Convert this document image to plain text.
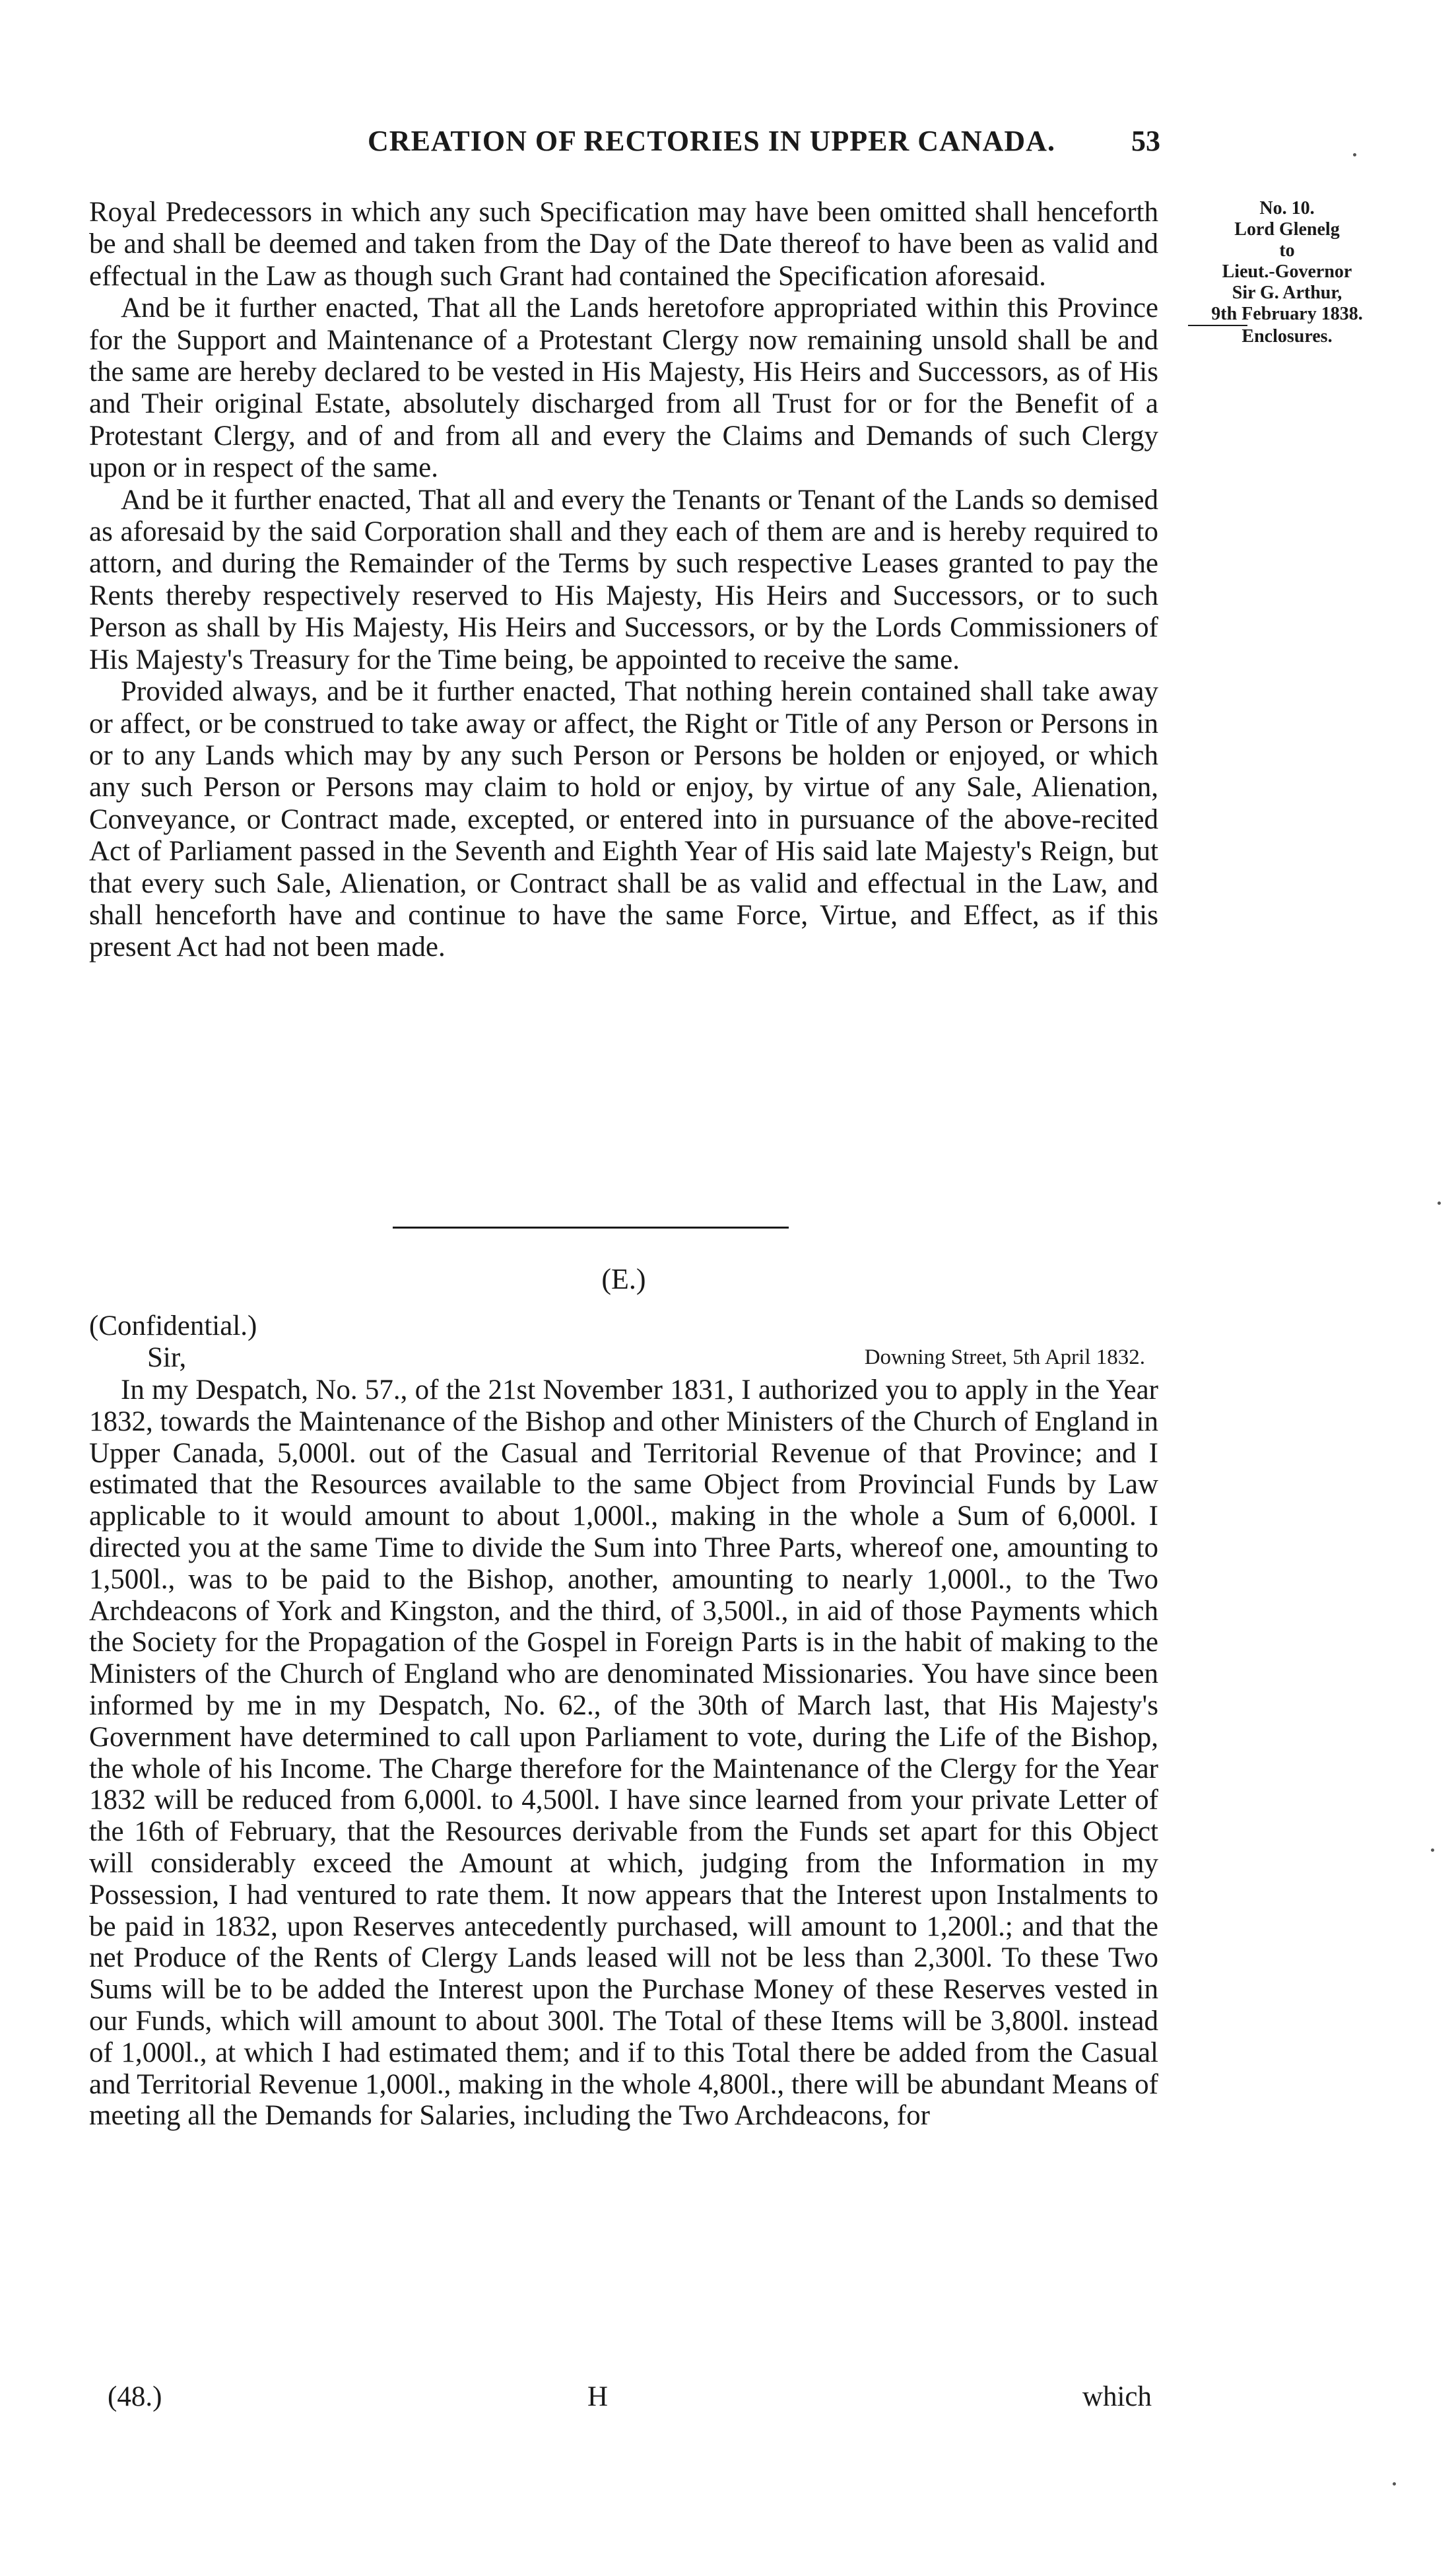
CREATION OF RECTORIES IN UPPER CANADA.	53
No. 10.
Lord Glenelg
to
Lieut.-Governor
Sir G. Arthur,
9th February 1838.
Enclosures.

Royal Predecessors in which any such Specification may have been omitted shall henceforth be and shall be deemed and taken from the Day of the Date thereof to have been as valid and effectual in the Law as though such Grant had contained the Specification aforesaid.

And be it further enacted, That all the Lands heretofore appropriated within this Province for the Support and Maintenance of a Protestant Clergy now remaining unsold shall be and the same are hereby declared to be vested in His Majesty, His Heirs and Successors, as of His and Their original Estate, absolutely discharged from all Trust for or for the Benefit of a Protestant Clergy, and of and from all and every the Claims and Demands of such Clergy upon or in respect of the same.

And be it further enacted, That all and every the Tenants or Tenant of the Lands so demised as aforesaid by the said Corporation shall and they each of them are and is hereby required to attorn, and during the Remainder of the Terms by such respective Leases granted to pay the Rents thereby respectively reserved to His Majesty, His Heirs and Successors, or to such Person as shall by His Majesty, His Heirs and Successors, or by the Lords Commissioners of His Majesty's Treasury for the Time being, be appointed to receive the same.

Provided always, and be it further enacted, That nothing herein contained shall take away or affect, or be construed to take away or affect, the Right or Title of any Person or Persons in or to any Lands which may by any such Person or Persons be holden or enjoyed, or which any such Person or Persons may claim to hold or enjoy, by virtue of any Sale, Alienation, Conveyance, or Contract made, excepted, or entered into in pursuance of the above-recited Act of Parliament passed in the Seventh and Eighth Year of His said late Majesty's Reign, but that every such Sale, Alienation, or Contract shall be as valid and effectual in the Law, and shall henceforth have and continue to have the same Force, Virtue, and Effect, as if this present Act had not been made.

(E.)
(Confidential.)
Sir,	Downing Street, 5th April 1832.

In my Despatch, No. 57., of the 21st November 1831, I authorized you to apply in the Year 1832, towards the Maintenance of the Bishop and other Ministers of the Church of England in Upper Canada, 5,000l. out of the Casual and Territorial Revenue of that Province; and I estimated that the Resources available to the same Object from Provincial Funds by Law applicable to it would amount to about 1,000l., making in the whole a Sum of 6,000l. I directed you at the same Time to divide the Sum into Three Parts, whereof one, amounting to 1,500l., was to be paid to the Bishop, another, amounting to nearly 1,000l., to the Two Archdeacons of York and Kingston, and the third, of 3,500l., in aid of those Payments which the Society for the Propagation of the Gospel in Foreign Parts is in the habit of making to the Ministers of the Church of England who are denominated Missionaries. You have since been informed by me in my Despatch, No. 62., of the 30th of March last, that His Majesty's Government have determined to call upon Parliament to vote, during the Life of the Bishop, the whole of his Income. The Charge therefore for the Maintenance of the Clergy for the Year 1832 will be reduced from 6,000l. to 4,500l. I have since learned from your private Letter of the 16th of February, that the Resources derivable from the Funds set apart for this Object will considerably exceed the Amount at which, judging from the Information in my Possession, I had ventured to rate them. It now appears that the Interest upon Instalments to be paid in 1832, upon Reserves antecedently purchased, will amount to 1,200l.; and that the net Produce of the Rents of Clergy Lands leased will not be less than 2,300l. To these Two Sums will be to be added the Interest upon the Purchase Money of these Reserves vested in our Funds, which will amount to about 300l. The Total of these Items will be 3,800l. instead of 1,000l., at which I had estimated them; and if to this Total there be added from the Casual and Territorial Revenue 1,000l., making in the whole 4,800l., there will be abundant Means of meeting all the Demands for Salaries, including the Two Archdeacons, for

(48.)	H	which
